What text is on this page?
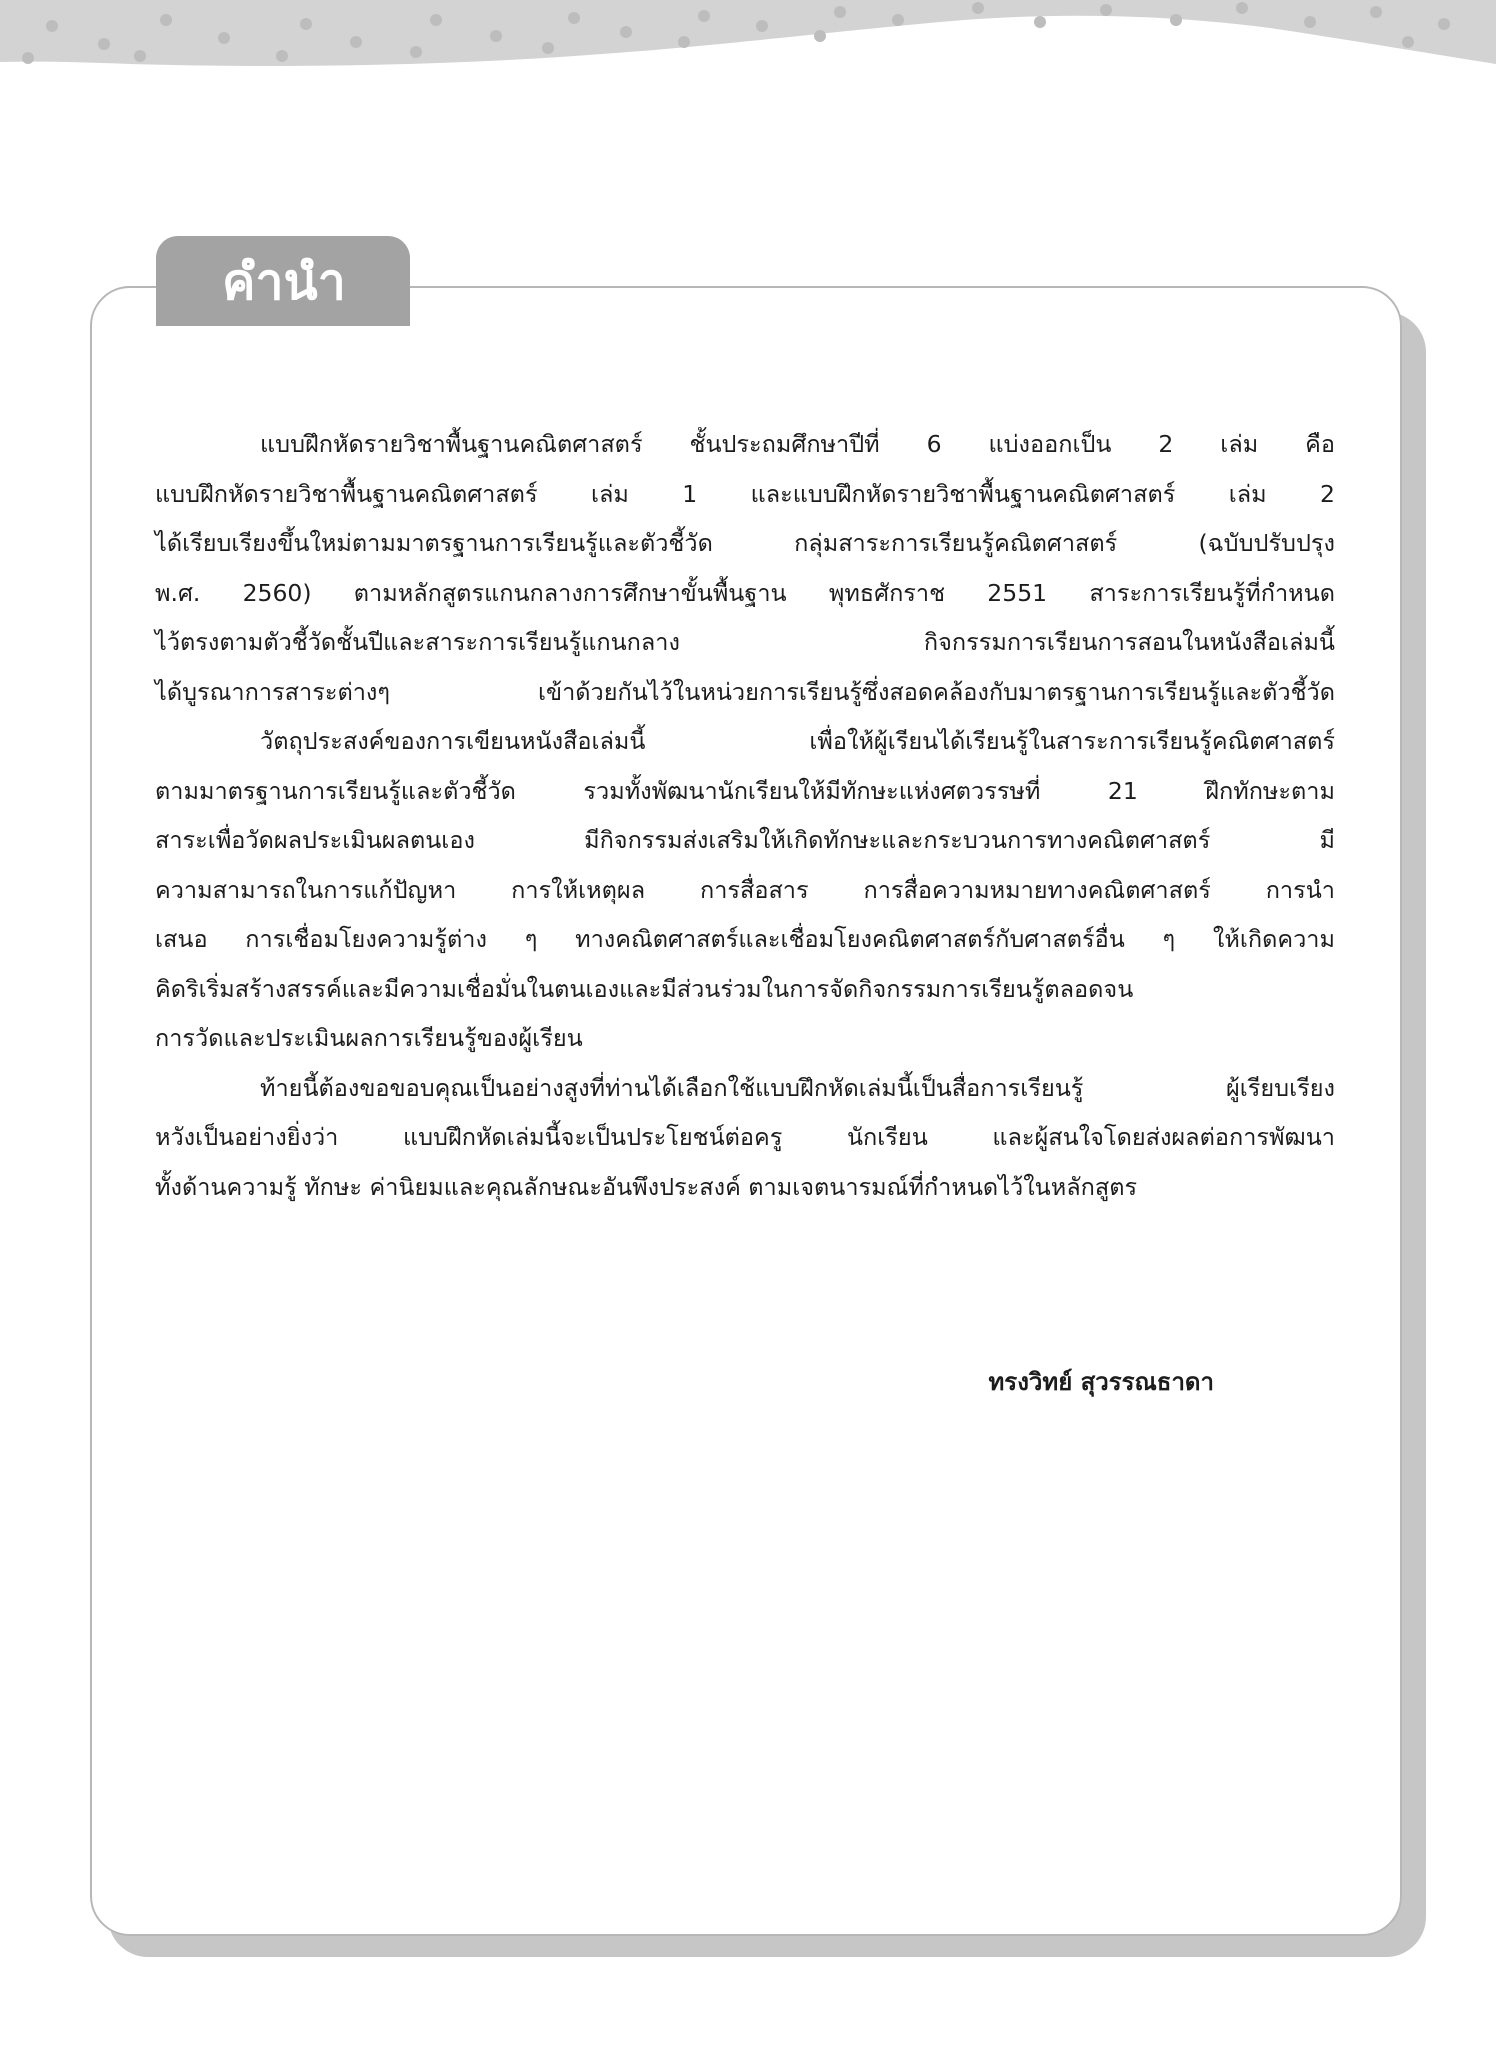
คำนำ
แบบฝึกหัดรายวิชาพื้นฐานคณิตศาสตร์ ชั้นประถมศึกษาปีที่ 6 แบ่งออกเป็น 2 เล่ม คือ
แบบฝึกหัดรายวิชาพื้นฐานคณิตศาสตร์ เล่ม 1 และแบบฝึกหัดรายวิชาพื้นฐานคณิตศาสตร์ เล่ม 2
ได้เรียบเรียงขึ้นใหม่ตามมาตรฐานการเรียนรู้และตัวชี้วัด กลุ่มสาระการเรียนรู้คณิตศาสตร์ (ฉบับปรับปรุง
พ.ศ. 2560) ตามหลักสูตรแกนกลางการศึกษาขั้นพื้นฐาน พุทธศักราช 2551 สาระการเรียนรู้ที่กำหนด
ไว้ตรงตามตัวชี้วัดชั้นปีและสาระการเรียนรู้แกนกลาง กิจกรรมการเรียนการสอนในหนังสือเล่มนี้
ได้บูรณาการสาระต่างๆ เข้าด้วยกันไว้ในหน่วยการเรียนรู้ซึ่งสอดคล้องกับมาตรฐานการเรียนรู้และตัวชี้วัด
วัตถุประสงค์ของการเขียนหนังสือเล่มนี้ เพื่อให้ผู้เรียนได้เรียนรู้ในสาระการเรียนรู้คณิตศาสตร์
ตามมาตรฐานการเรียนรู้และตัวชี้วัด รวมทั้งพัฒนานักเรียนให้มีทักษะแห่งศตวรรษที่ 21 ฝึกทักษะตาม
สาระเพื่อวัดผลประเมินผลตนเอง มีกิจกรรมส่งเสริมให้เกิดทักษะและกระบวนการทางคณิตศาสตร์ มี
ความสามารถในการแก้ปัญหา การให้เหตุผล การสื่อสาร การสื่อความหมายทางคณิตศาสตร์ การนำ
เสนอ การเชื่อมโยงความรู้ต่าง ๆ ทางคณิตศาสตร์และเชื่อมโยงคณิตศาสตร์กับศาสตร์อื่น ๆ ให้เกิดความ
คิดริเริ่มสร้างสรรค์และมีความเชื่อมั่นในตนเองและมีส่วนร่วมในการจัดกิจกรรมการเรียนรู้ตลอดจน
การวัดและประเมินผลการเรียนรู้ของผู้เรียน
ท้ายนี้ต้องขอขอบคุณเป็นอย่างสูงที่ท่านได้เลือกใช้แบบฝึกหัดเล่มนี้เป็นสื่อการเรียนรู้ ผู้เรียบเรียง
หวังเป็นอย่างยิ่งว่า แบบฝึกหัดเล่มนี้จะเป็นประโยชน์ต่อครู นักเรียน และผู้สนใจโดยส่งผลต่อการพัฒนา
ทั้งด้านความรู้ ทักษะ ค่านิยมและคุณลักษณะอันพึงประสงค์ ตามเจตนารมณ์ที่กำหนดไว้ในหลักสูตร
ทรงวิทย์ สุวรรณธาดา
